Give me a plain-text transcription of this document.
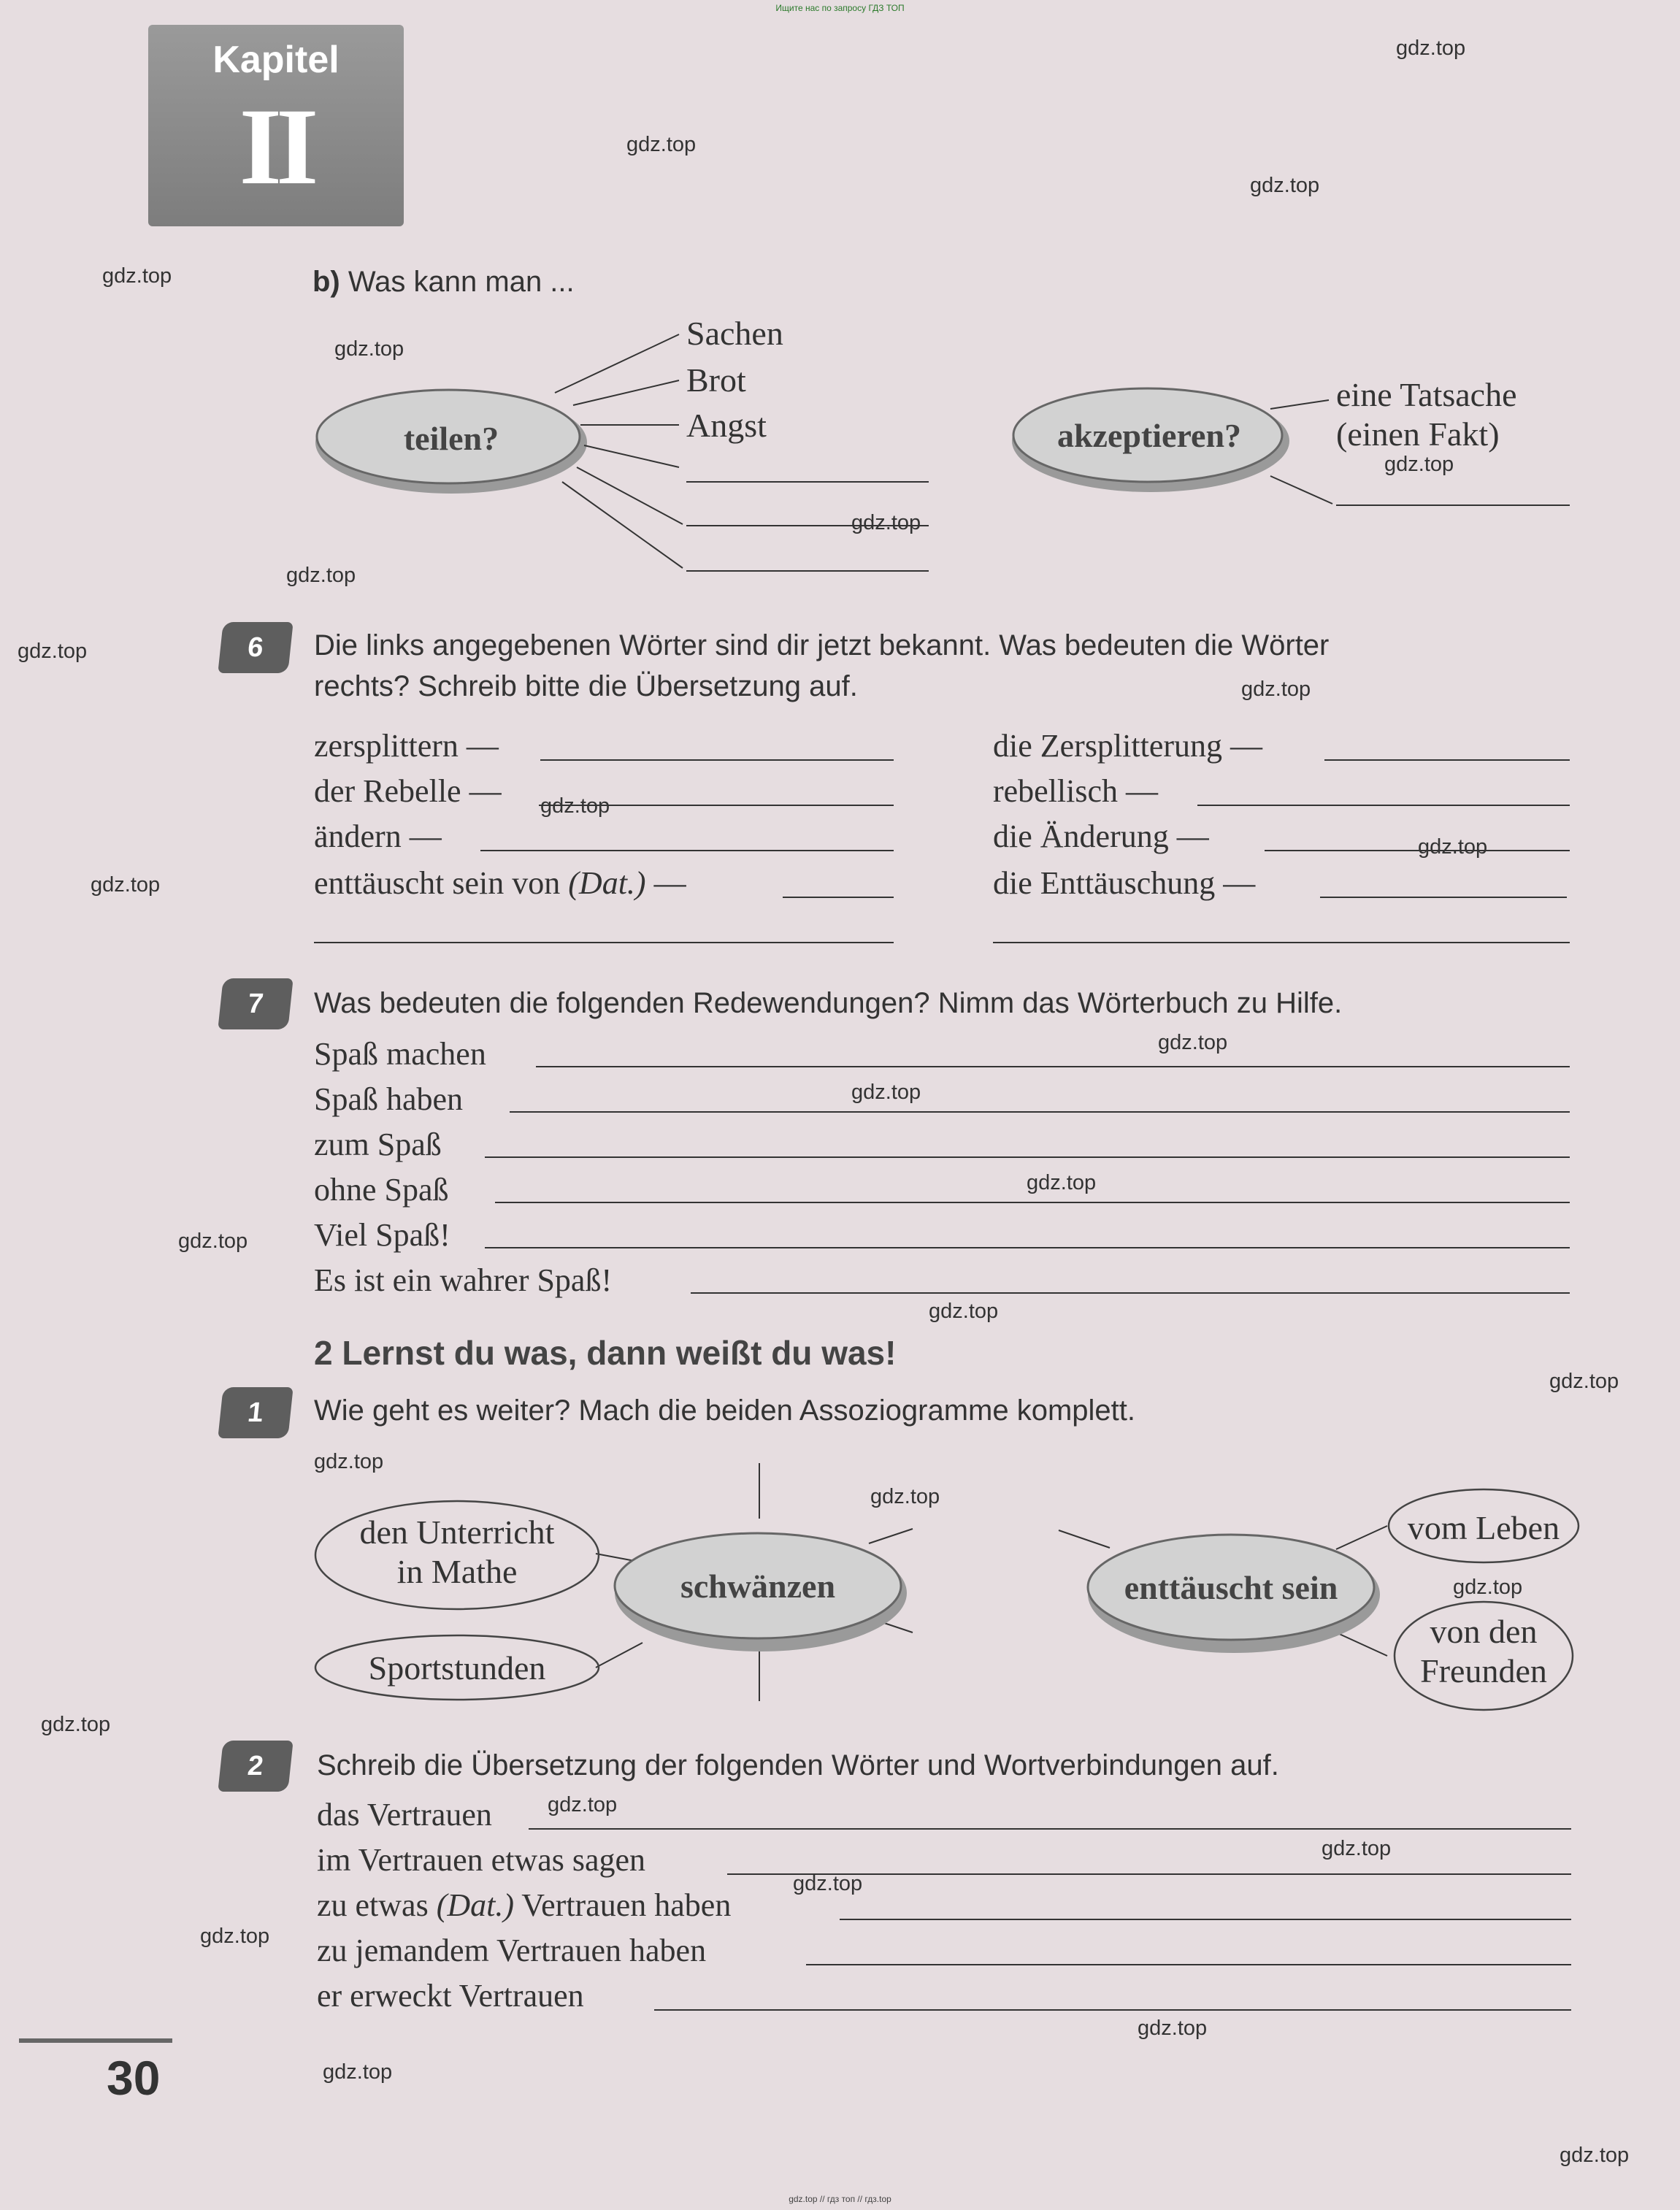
Ищите нас по запросу ГДЗ ТОП
gdz.top // гдз топ // гдз.top
Kapitel
II
gdz.top
gdz.top
gdz.top
gdz.top
gdz.top
gdz.top
gdz.top
gdz.top
gdz.top
gdz.top
gdz.top
gdz.top
gdz.top
gdz.top
gdz.top
gdz.top
gdz.top
gdz.top
gdz.top
gdz.top
gdz.top
gdz.top
gdz.top
gdz.top
gdz.top
gdz.top
gdz.top
gdz.top
gdz.top
gdz.top
b) Was kann man ...
teilen?
Sachen
Brot
Angst	akzeptieren?
eine Tatsache
(einen Fakt)
6	Die links angegebenen Wörter sind dir jetzt bekannt. Was bedeuten die Wörter
rechts? Schreib bitte die Übersetzung auf.
zersplittern —
der Rebelle —
ändern —
enttäuscht sein von (Dat.) —
die Zersplitterung —
rebellisch —
die Änderung —
die Enttäuschung —
7	Was bedeuten die folgenden Redewendungen? Nimm das Wörterbuch zu Hilfe.
Spaß machen
Spaß haben
zum Spaß
ohne Spaß
Viel Spaß!
Es ist ein wahrer Spaß!
2 Lernst du was, dann weißt du was!
1	Wie geht es weiter? Mach die beiden Assoziogramme komplett.
schwänzen
den Unterricht
in Mathe
Sportstunden
enttäuscht sein
vom Leben
von den
Freunden
2	Schreib die Übersetzung der folgenden Wörter und Wortverbindungen auf.
das Vertrauen
im Vertrauen etwas sagen
zu etwas (Dat.) Vertrauen haben
zu jemandem Vertrauen haben
er erweckt Vertrauen
30
